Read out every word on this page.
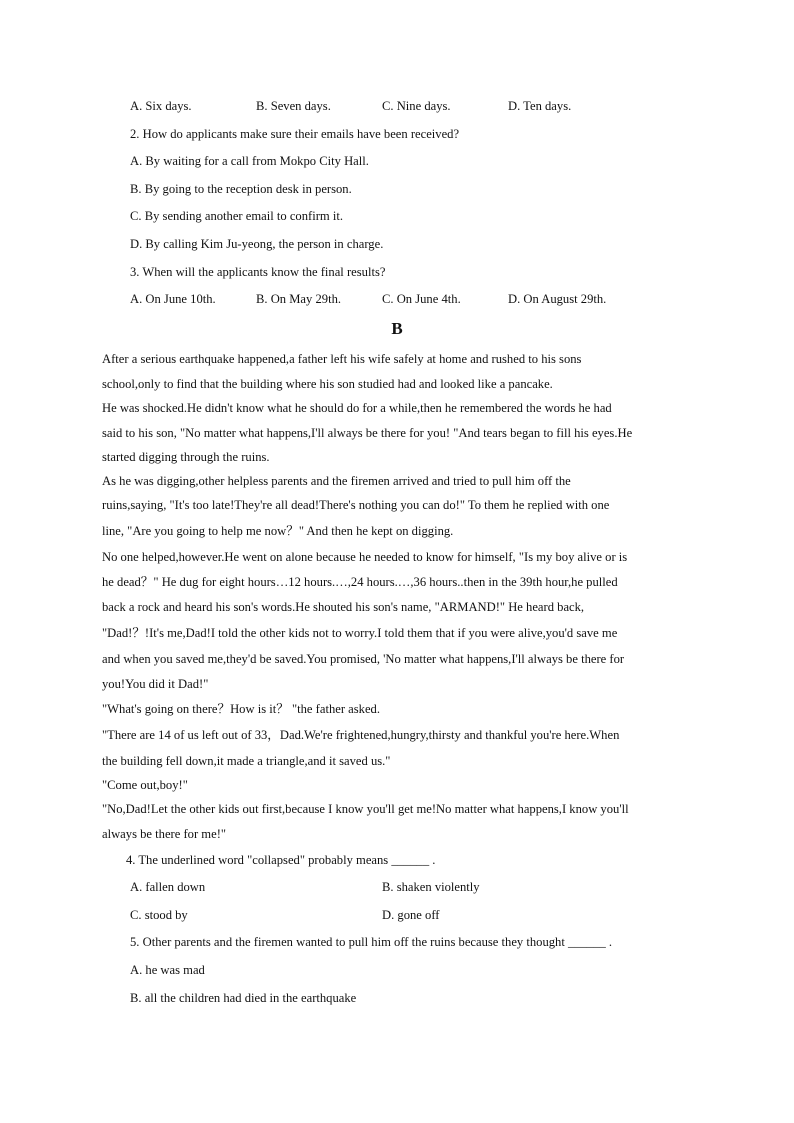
A. Six days.	B. Seven days.	C. Nine days.	D. Ten days.
2. How do applicants make sure their emails have been received?
A. By waiting for a call from Mokpo City Hall.
B. By going to the reception desk in person.
C. By sending another email to confirm it.
D. By calling Kim Ju-yeong, the person in charge.
3. When will the applicants know the final results?
A. On June 10th.	B. On May 29th.	C. On June 4th.	D. On August 29th.
B
After a serious earthquake happened,a father left his wife safely at home and rushed to his sons
school,only to find that the building where his son studied had and looked like a pancake.
He was shocked.He didn't know what he should do for a while,then he remembered the words he had
said to his son, "No matter what happens,I'll always be there for you! "And tears began to fill his eyes.He
started digging through the ruins.
As he was digging,other helpless parents and the firemen arrived and tried to pull him off the
ruins,saying, "It's too late!They're all dead!There's nothing you can do!" To them he replied with one
line, "Are you going to help me now？" And then he kept on digging.
No one helped,however.He went on alone because he needed to know for himself, "Is my boy alive or is
he dead？" He dug for eight hours…12 hours.…,24 hours.…,36 hours..then in the 39th hour,he pulled
back a rock and heard his son's words.He shouted his son's name, "ARMAND!" He heard back,
"Dad!？!It's me,Dad!I told the other kids not to worry.I told them that if you were alive,you'd save me
and when you saved me,they'd be saved.You promised, 'No matter what happens,I'll always be there for
you!You did it Dad!"
"What's going on there？How is it？ "the father asked.
"There are 14 of us left out of 33，Dad.We're frightened,hungry,thirsty and thankful you're here.When
the building fell down,it made a triangle,and it saved us."
"Come out,boy!"
"No,Dad!Let the other kids out first,because I know you'll get me!No matter what happens,I know you'll
always be there for me!"
4. The underlined word "collapsed" probably means ______ .
A. fallen down	B. shaken violently
C. stood by	D. gone off
5. Other parents and the firemen wanted to pull him off the ruins because they thought ______ .
A. he was mad
B. all the children had died in the earthquake
